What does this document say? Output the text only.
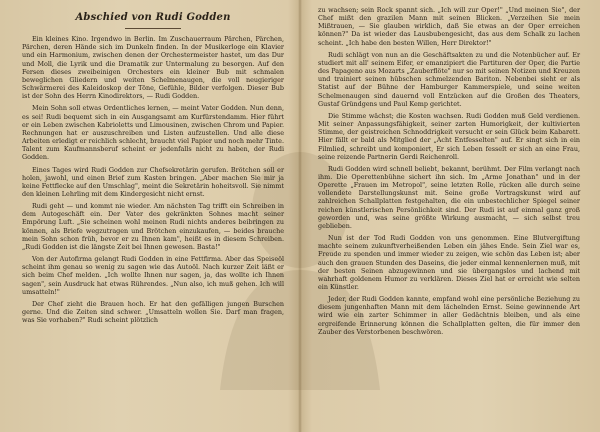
Abschied von Rudi Godden

Ein kleines Kino. Irgendwo in Berlin. Im Zuschauerraum Pärchen, Pärchen, Pärchen, deren Hände sich im Dunkeln finden. In der Musikerloge ein Klavier und ein Harmonium, zwischen denen der Orchestermeister hastet, um das Dur und Moll, die Lyrik und die Dramatik zur Untermalung zu besorgen. Auf den Fersen dieses zweibeinigen Orchesters ein kleiner Bub mit schmalen beweglichen Gliedern und weiten Schelmenaugen, die voll neugieriger Schwärmerei des Kaleidoskop der Töne, Gefühle, Bilder verfolgen. Dieser Bub ist der Sohn des Herrn Kinodirektors, — Rudi Godden.

Mein Sohn soll etwas Ordentliches lernen, — meint Vater Godden. Nun denn, es sei! Rudi bequemt sich in ein Ausgangsamt am Kurfürstendamm. Hier führt er ein Leben zwischen Kabrioletts und Limousinen, zwischen Chrom und Papier. Rechnungen hat er auszuschreiben und Listen aufzustellen. Und alle diese Arbeiten erledigt er reichlich schlecht, braucht viel Papier und noch mehr Tinte. Talent zum Kaufmannsberuf scheint er jedenfalls nicht zu haben, der Rudi Godden.

Eines Tages wird Rudi Godden zur Chefsekretärin gerufen. Brötchen soll er holen, jawohl, und einen Brief zum Kasten bringen. „Aber machen Sie mir ja keine Fettflecke auf den Umschlag", meint die Sekretärin hoheitsvoll. Sie nimmt den kleinen Lehrling mit dem Kindergesicht nicht ernst.

Rudi geht — und kommt nie wieder. Am nächsten Tag trifft ein Schreiben in dem Autogeschäft ein. Der Vater des gekränkten Sohnes macht seiner Empörung Luft. „Sie scheinen wohl meinen Rudi nichts anderes beibringen zu können, als Briefe wegzutragen und Brötchen einzukaufen, — beides brauche mein Sohn schon früh, bevor er zu Ihnen kam", heißt es in diesem Schreiben. „Rudi Godden ist die längste Zeit bei Ihnen gewesen. Basta!"

Von der Autofirma gelangt Rudi Godden in eine Fettfirma. Aber das Speiseöl scheint ihm genau so wenig zu sagen wie das Autoöl. Nach kurzer Zeit läßt er sich beim Chef melden. „Ich wollte Ihnen nur sagen, ja, das wollte ich Ihnen sagen", sein Ausdruck hat etwas Rührendes. „Nun also, ich muß gehen. Ich will umsatteln!"

Der Chef zieht die Brauen hoch. Er hat den gefälligen jungen Burschen gerne. Und die Zeiten sind schwer. „Umsatteln wollen Sie. Darf man fragen, was Sie vorhaben?" Rudi scheint plötzlich

zu wachsen; sein Rock spannt sich. „Ich will zur Oper!" „Und meinen Sie", der Chef mißt den grazilen Mann mit seinen Blicken. „Verzeihen Sie mein Mißtrauen, — Sie glauben wirklich, daß Sie etwas an der Oper erreichen können?" Da ist wieder das Lausbubengesicht, das aus dem Schalk zu lachen scheint. „Ich habe den besten Willen, Herr Direktor!"

Rudi schlägt von nun an die Geschäftsakten zu und die Notenbücher auf. Er studiert mit all' seinem Eifer, er emanzipiert die Partituren der Oper, die Partie des Papageno aus Mozarts „Zauberflöte" nur so mit seinen Notizen und Kreuzen und trainiert seinen hübschen schmelzenden Bariton. Nebenbei sieht er als Statist auf der Bühne der Hamburger Kammerspiele, und seine weiten Schelmenaugen sind dauernd voll Entzücken auf die Großen des Theaters, Gustaf Gründgens und Paul Kemp gerichtet.

Die Stimme wächst; die Kosten wachsen. Rudi Godden muß Geld verdienen. Mit seiner Anpassungsfähigkeit, seiner zarten Humorigkeit, der kultivierten Stimme, der geistreichen Schnoddrigkeit versucht er sein Glück beim Kabarett. Hier fällt er bald als Mitglied der „Acht Entfesselten" auf. Er singt sich in ein Filmlied, schreibt und komponiert, Er sich Leben fesselt er sich an eine Frau, seine reizende Partnerin Gerdi Reichenroll.

Rudi Godden wird schnell beliebt, bekannt, berühmt. Der Film verlangt nach ihm. Die Operettenbühne sichert ihn sich. Im „Arme Jonathan" und in der Operette „Frauen im Metropol", seine letzten Rolle, rücken alle durch seine vollendete Darstellungskunst mit. Seine große Vortragskunst wird auf zahlreichen Schallplatten festgehalten, die ein unbestechlicher Spiegel seiner reichen künstlerischen Persönlichkeit sind. Der Rudi ist auf einmal ganz groß geworden und, was seine größte Wirkung ausmacht, — sich selbst treu geblieben.

Nun ist der Tod Rudi Godden von uns genommen. Eine Blutvergiftung machte seinem zukunftverheißenden Leben ein jähes Ende. Sein Ziel war es, Freude zu spenden und immer wieder zu zeigen, wie schön das Leben ist; aber auch den grauen Stunden des Daseins, die jeder einmal kennenlernen muß, mit der besten Seinen abzugewinnen und sie übergangslos und lachend mit wahrhaft goldenem Humor zu verklären. Dieses Ziel hat er erreicht wie selten ein Künstler.

Jeder, der Rudi Godden kannte, empfand wohl eine persönliche Beziehung zu diesem jungenhaften Mann mit dem lächelnden Ernst. Seine gewinnende Art wird wie ein zarter Schimmer in aller Gedächtnis bleiben, und als eine ergreifende Erinnerung können die Schallplatten gelten, die für immer den Zauber des Verstorbenen beschwören.
